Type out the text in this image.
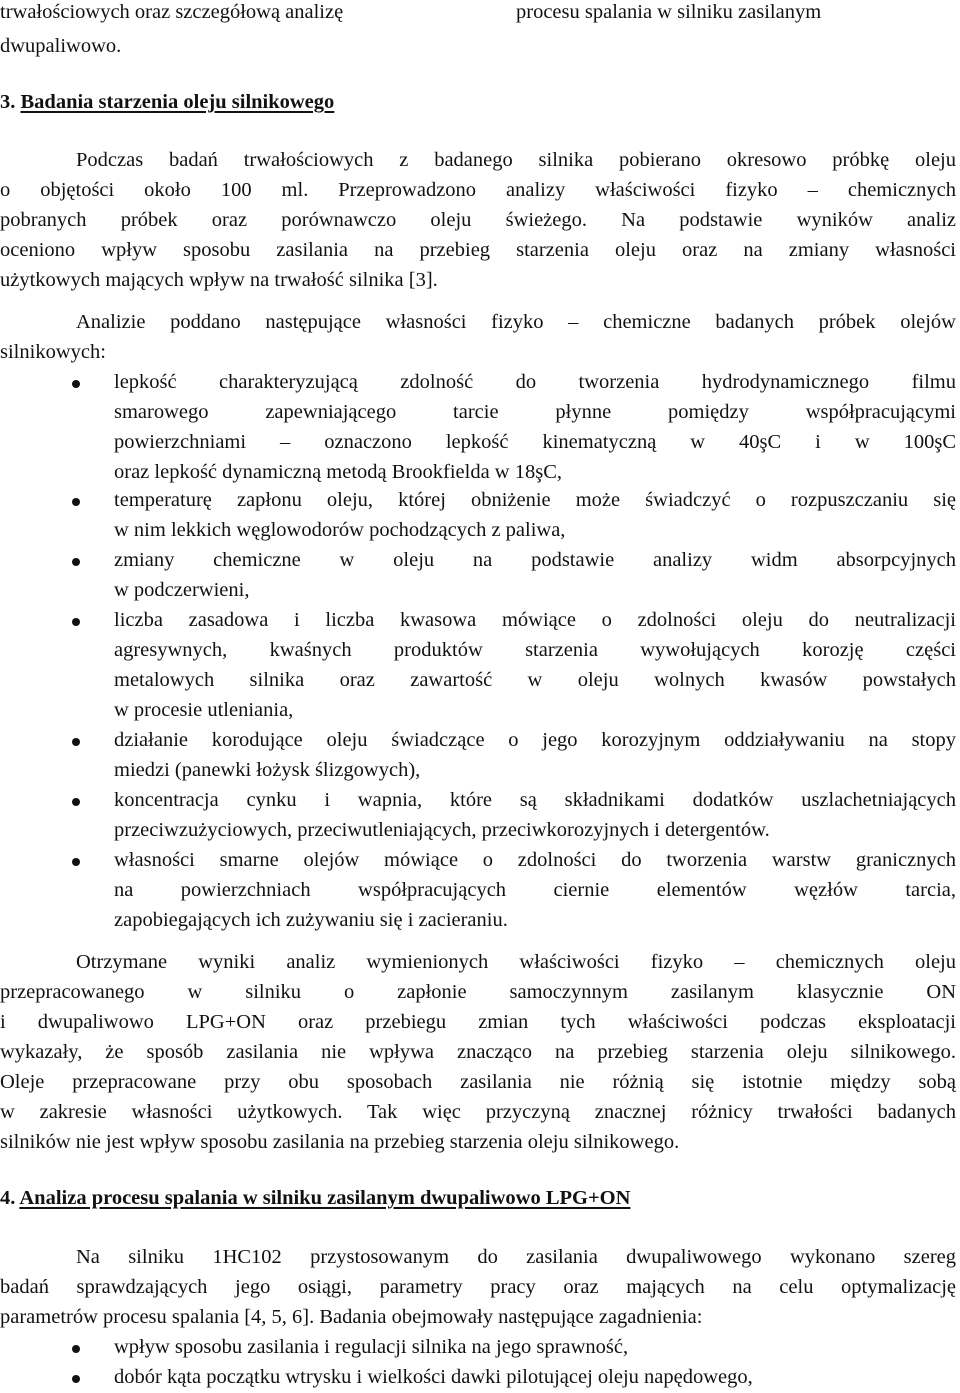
trwałościowych oraz szczegółową analizę	procesu spalania w silniku zasilanym
dwupaliwowo.
3. Badania starzenia oleju silnikowego
Podczas badań trwałościowych z badanego silnika pobierano okresowo próbkę oleju
o objętości około 100 ml. Przeprowadzono analizy właściwości fizyko – chemicznych
pobranych próbek oraz porównawczo oleju świeżego. Na podstawie wyników analiz
oceniono wpływ sposobu zasilania na przebieg starzenia oleju oraz na zmiany własności
użytkowych mających wpływ na trwałość silnika [3].
Analizie poddano następujące własności fizyko – chemiczne badanych próbek olejów
silnikowych:
lepkość charakteryzującą zdolność do tworzenia hydrodynamicznego filmu
smarowego zapewniającego tarcie płynne pomiędzy współpracującymi
powierzchniami – oznaczono lepkość kinematyczną w 40şC i w 100şC
oraz lepkość dynamiczną metodą Brookfielda w 18şC,
temperaturę zapłonu oleju, której obniżenie może świadczyć o rozpuszczaniu się
w nim lekkich węglowodorów pochodzących z paliwa,
zmiany chemiczne w oleju na podstawie analizy widm absorpcyjnych
w podczerwieni,
liczba zasadowa i liczba kwasowa mówiące o zdolności oleju do neutralizacji
agresywnych, kwaśnych produktów starzenia wywołujących korozję części
metalowych silnika oraz zawartość w oleju wolnych kwasów powstałych
w procesie utleniania,
działanie korodujące oleju świadczące o jego korozyjnym oddziaływaniu na stopy
miedzi (panewki łożysk ślizgowych),
koncentracja cynku i wapnia, które są składnikami dodatków uszlachetniających
przeciwzużyciowych, przeciwutleniających, przeciwkorozyjnych i detergentów.
własności smarne olejów mówiące o zdolności do tworzenia warstw granicznych
na powierzchniach współpracujących ciernie elementów węzłów tarcia,
zapobiegających ich zużywaniu się i zacieraniu.
Otrzymane wyniki analiz wymienionych właściwości fizyko – chemicznych oleju
przepracowanego w silniku o zapłonie samoczynnym zasilanym klasycznie ON
i dwupaliwowo LPG+ON oraz przebiegu zmian tych właściwości podczas eksploatacji
wykazały, że sposób zasilania nie wpływa znacząco na przebieg starzenia oleju silnikowego.
Oleje przepracowane przy obu sposobach zasilania nie różnią się istotnie między sobą
w zakresie własności użytkowych. Tak więc przyczyną znacznej różnicy trwałości badanych
silników nie jest wpływ sposobu zasilania na przebieg starzenia oleju silnikowego.
4. Analiza procesu spalania w silniku zasilanym dwupaliwowo LPG+ON
Na silniku 1HC102 przystosowanym do zasilania dwupaliwowego wykonano szereg
badań sprawdzających jego osiągi, parametry pracy oraz mających na celu optymalizację
parametrów procesu spalania [4, 5, 6]. Badania obejmowały następujące zagadnienia:
wpływ sposobu zasilania i regulacji silnika na jego sprawność,
dobór kąta początku wtrysku i wielkości dawki pilotującej oleju napędowego,
